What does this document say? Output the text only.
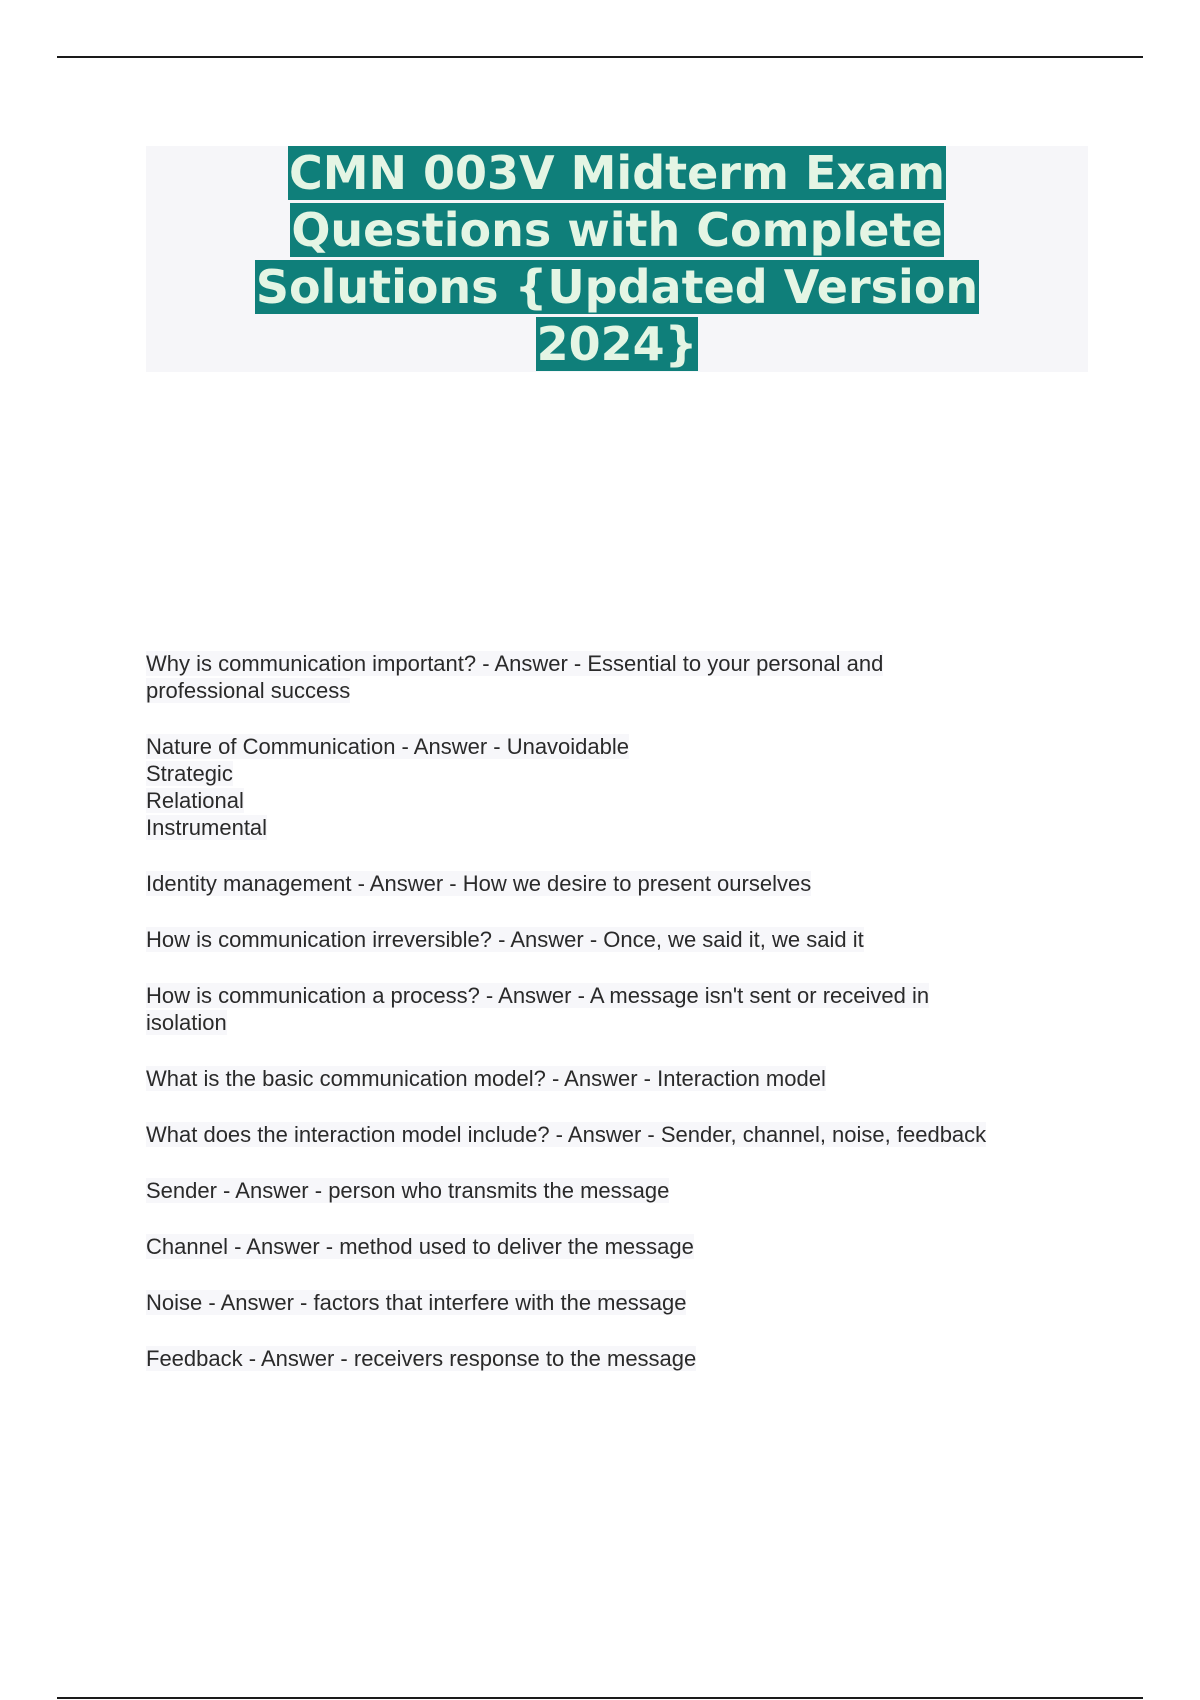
CMN 003V Midterm Exam Questions with Complete Solutions {Updated Version 2024}

Why is communication important? - Answer - Essential to your personal and
professional success

Nature of Communication - Answer - Unavoidable
Strategic
Relational
Instrumental

Identity management - Answer - How we desire to present ourselves

How is communication irreversible? - Answer - Once, we said it, we said it

How is communication a process? - Answer - A message isn't sent or received in
isolation

What is the basic communication model? - Answer - Interaction model

What does the interaction model include? - Answer - Sender, channel, noise, feedback

Sender - Answer - person who transmits the message

Channel - Answer - method used to deliver the message

Noise - Answer - factors that interfere with the message

Feedback - Answer - receivers response to the message
